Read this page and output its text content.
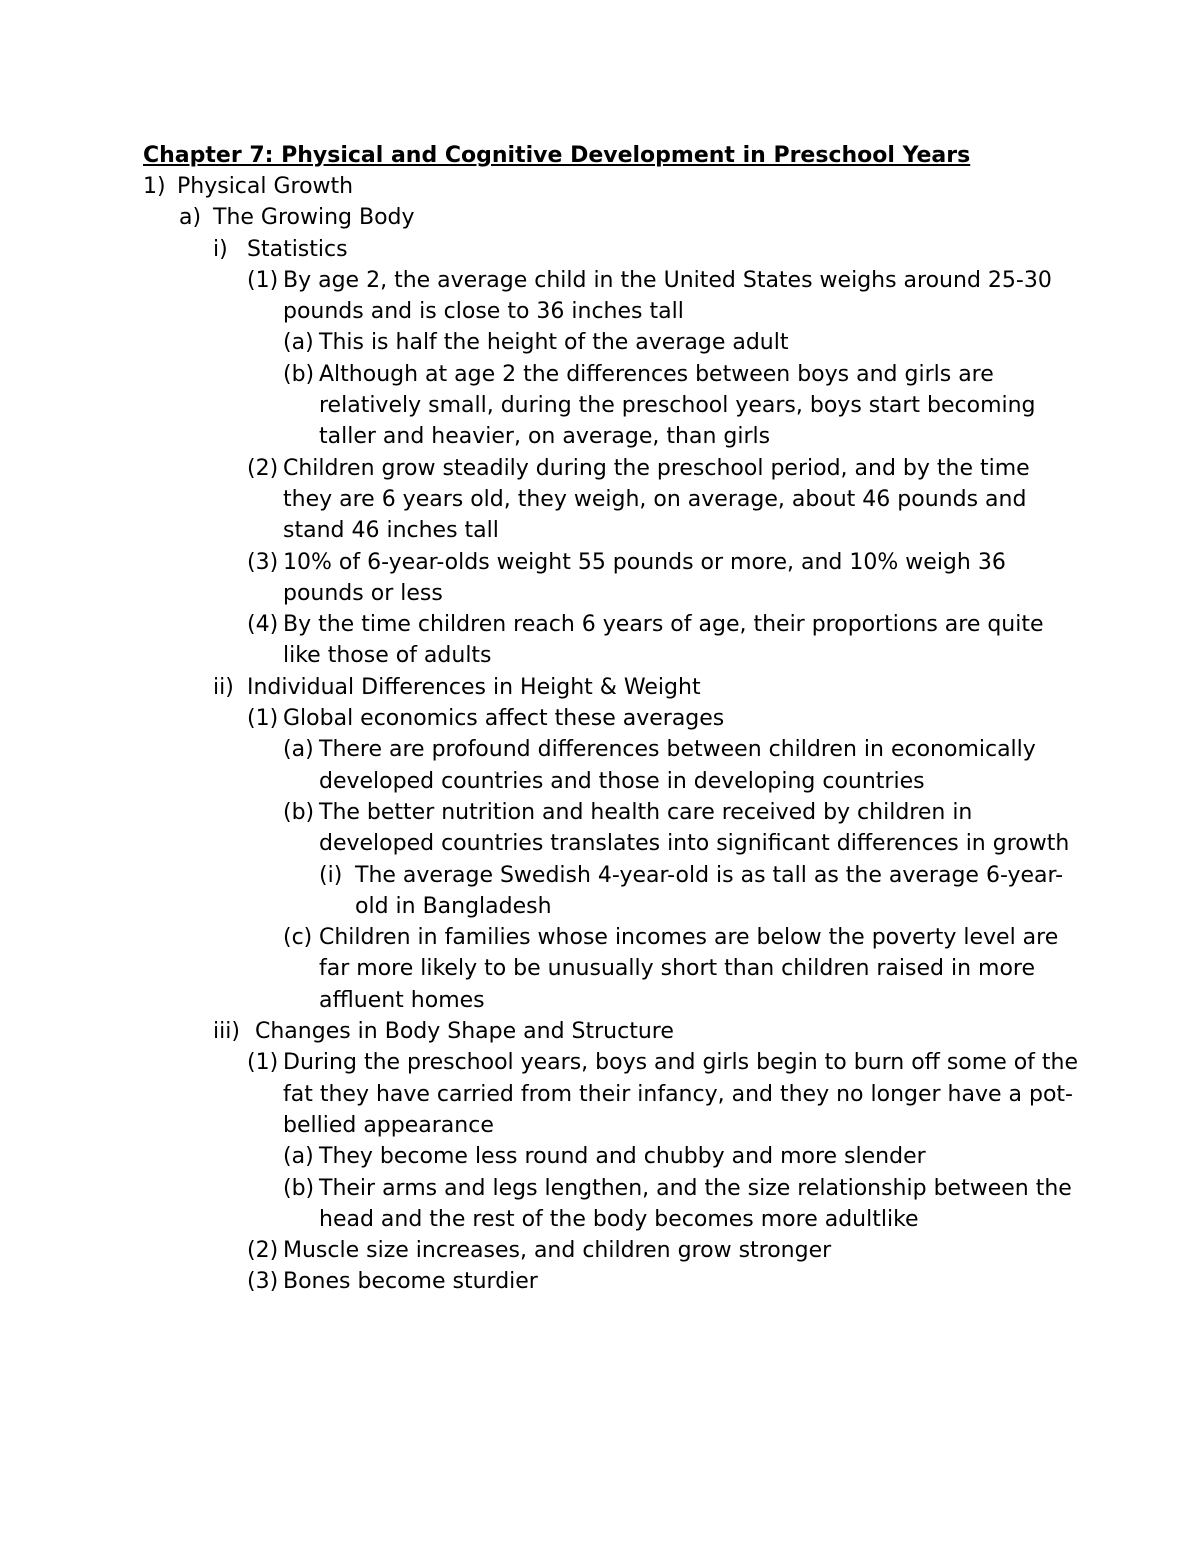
Chapter 7: Physical and Cognitive Development in Preschool Years

1) Physical Growth
a) The Growing Body
i) Statistics
(1) By age 2, the average child in the United States weighs around 25-30 pounds and is close to 36 inches tall
(a) This is half the height of the average adult
(b) Although at age 2 the differences between boys and girls are relatively small, during the preschool years, boys start becoming taller and heavier, on average, than girls
(2) Children grow steadily during the preschool period, and by the time they are 6 years old, they weigh, on average, about 46 pounds and stand 46 inches tall
(3) 10% of 6-year-olds weight 55 pounds or more, and 10% weigh 36 pounds or less
(4) By the time children reach 6 years of age, their proportions are quite like those of adults
ii) Individual Differences in Height & Weight
(1) Global economics affect these averages
(a) There are profound differences between children in economically developed countries and those in developing countries
(b) The better nutrition and health care received by children in developed countries translates into significant differences in growth
(i) The average Swedish 4-year-old is as tall as the average 6-year-old in Bangladesh
(c) Children in families whose incomes are below the poverty level are far more likely to be unusually short than children raised in more affluent homes
iii) Changes in Body Shape and Structure
(1) During the preschool years, boys and girls begin to burn off some of the fat they have carried from their infancy, and they no longer have a pot-bellied appearance
(a) They become less round and chubby and more slender
(b) Their arms and legs lengthen, and the size relationship between the head and the rest of the body becomes more adultlike
(2) Muscle size increases, and children grow stronger
(3) Bones become sturdier
